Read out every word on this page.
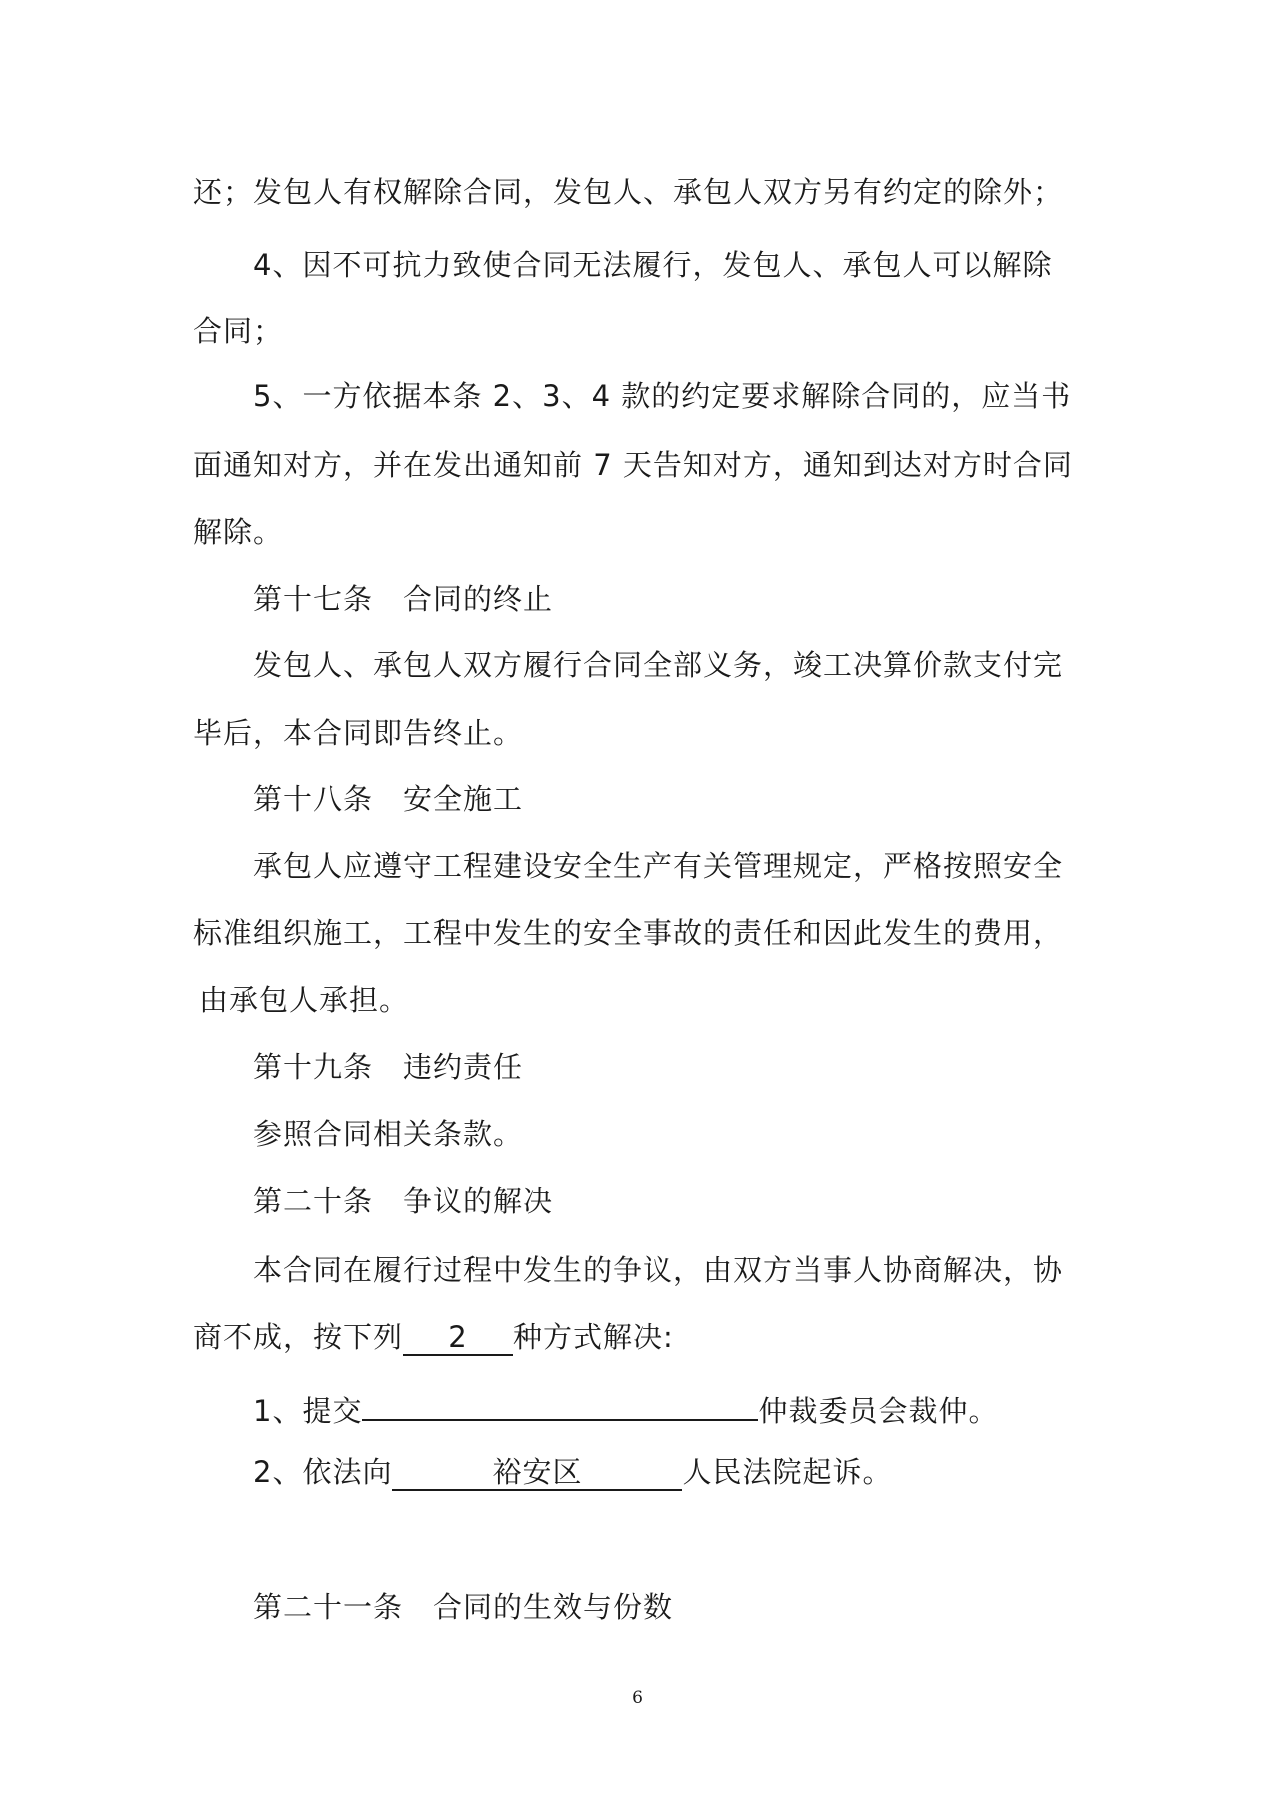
还；发包人有权解除合同，发包人、承包人双方另有约定的除外；
4、因不可抗力致使合同无法履行，发包人、承包人可以解除
合同；
5、一方依据本条 2、3、4 款的约定要求解除合同的，应当书
面通知对方，并在发出通知前 7 天告知对方，通知到达对方时合同
解除。
第十七条　合同的终止
发包人、承包人双方履行合同全部义务，竣工决算价款支付完
毕后，本合同即告终止。
第十八条　安全施工
承包人应遵守工程建设安全生产有关管理规定，严格按照安全
标准组织施工，工程中发生的安全事故的责任和因此发生的费用，
由承包人承担。
第十九条　违约责任
参照合同相关条款。
第二十条　争议的解决
本合同在履行过程中发生的争议，由双方当事人协商解决，协
商不成，按下列 2 种方式解决:
1、提交	仲裁委员会裁仲。
2、依法向	裕安区	人民法院起诉。
第二十一条　合同的生效与份数
6
